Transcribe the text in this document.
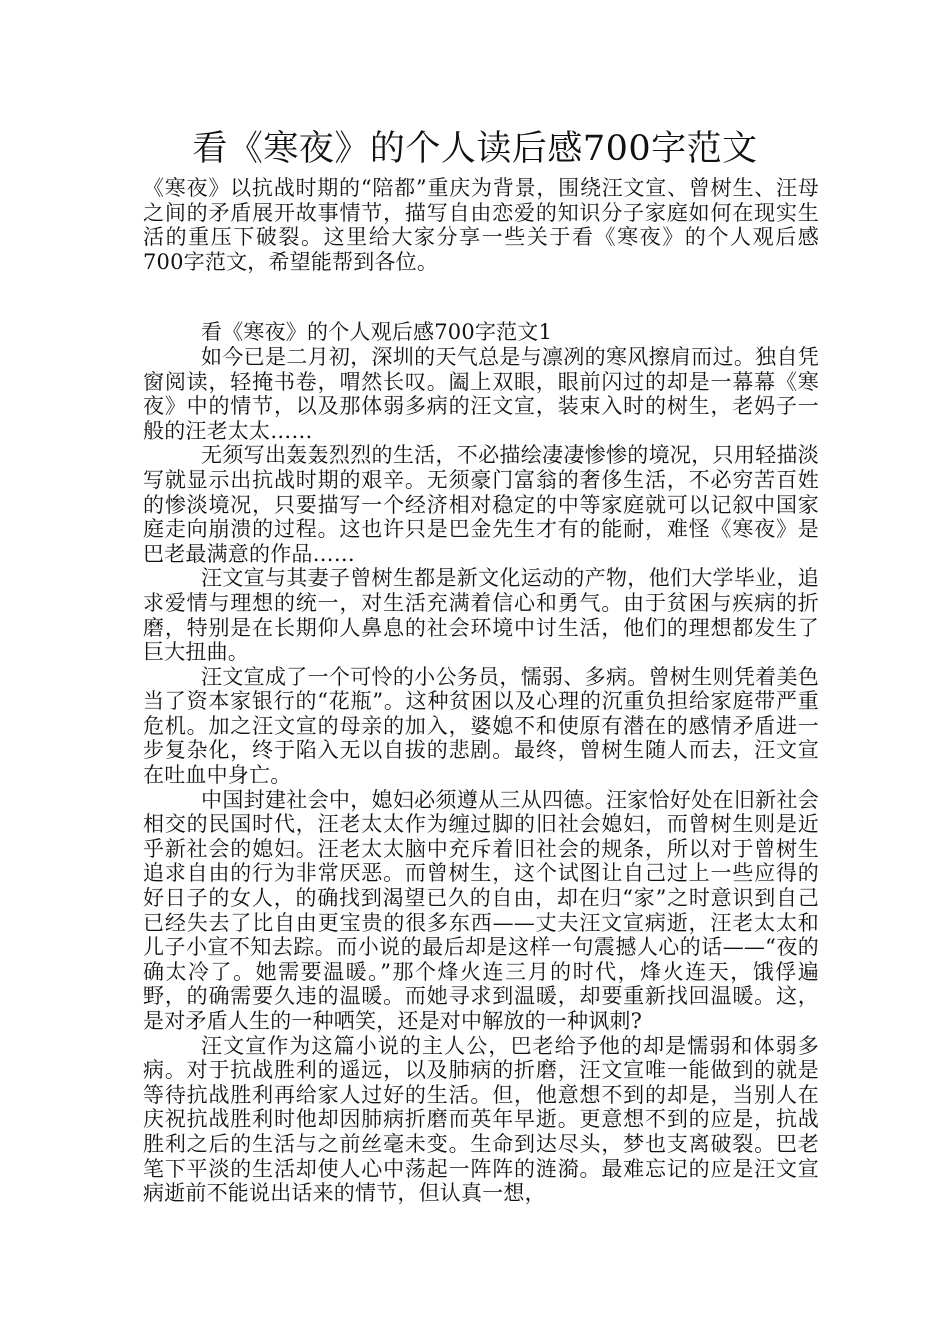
看《寒夜》的个人读后感700字范文

《寒夜》以抗战时期的“陪都”重庆为背景，围绕汪文宣、曾树生、汪母之间的矛盾展开故事情节，描写自由恋爱的知识分子家庭如何在现实生活的重压下破裂。这里给大家分享一些关于看《寒夜》的个人观后感700字范文，希望能帮到各位。

看《寒夜》的个人观后感700字范文1

如今已是二月初，深圳的天气总是与凛冽的寒风擦肩而过。独自凭窗阅读，轻掩书卷，喟然长叹。阖上双眼，眼前闪过的却是一幕幕《寒夜》中的情节，以及那体弱多病的汪文宣，装束入时的树生，老妈子一般的汪老太太……

无须写出轰轰烈烈的生活，不必描绘凄凄惨惨的境况，只用轻描淡写就显示出抗战时期的艰辛。无须豪门富翁的奢侈生活，不必穷苦百姓的惨淡境况，只要描写一个经济相对稳定的中等家庭就可以记叙中国家庭走向崩溃的过程。这也许只是巴金先生才有的能耐，难怪《寒夜》是巴老最满意的作品……

汪文宣与其妻子曾树生都是新文化运动的产物，他们大学毕业，追求爱情与理想的统一，对生活充满着信心和勇气。由于贫困与疾病的折磨，特别是在长期仰人鼻息的社会环境中讨生活，他们的理想都发生了巨大扭曲。

汪文宣成了一个可怜的小公务员，懦弱、多病。曾树生则凭着美色当了资本家银行的“花瓶”。这种贫困以及心理的沉重负担给家庭带严重危机。加之汪文宣的母亲的加入，婆媳不和使原有潜在的感情矛盾进一步复杂化，终于陷入无以自拔的悲剧。最终，曾树生随人而去，汪文宣在吐血中身亡。

中国封建社会中，媳妇必须遵从三从四德。汪家恰好处在旧新社会相交的民国时代，汪老太太作为缠过脚的旧社会媳妇，而曾树生则是近乎新社会的媳妇。汪老太太脑中充斥着旧社会的规条，所以对于曾树生追求自由的行为非常厌恶。而曾树生，这个试图让自己过上一些应得的好日子的女人，的确找到渴望已久的自由，却在归“家”之时意识到自己已经失去了比自由更宝贵的很多东西——丈夫汪文宣病逝，汪老太太和儿子小宣不知去踪。而小说的最后却是这样一句震撼人心的话——“夜的确太冷了。她需要温暖。”那个烽火连三月的时代，烽火连天，饿俘遍野，的确需要久违的温暖。而她寻求到温暖，却要重新找回温暖。这，是对矛盾人生的一种哂笑，还是对中解放的一种讽刺?

汪文宣作为这篇小说的主人公，巴老给予他的却是懦弱和体弱多病。对于抗战胜利的遥远，以及肺病的折磨，汪文宣唯一能做到的就是等待抗战胜利再给家人过好的生活。但，他意想不到的却是，当别人在庆祝抗战胜利时他却因肺病折磨而英年早逝。更意想不到的应是，抗战胜利之后的生活与之前丝毫未变。生命到达尽头，梦也支离破裂。巴老笔下平淡的生活却使人心中荡起一阵阵的涟漪。最难忘记的应是汪文宣病逝前不能说出话来的情节，但认真一想，
